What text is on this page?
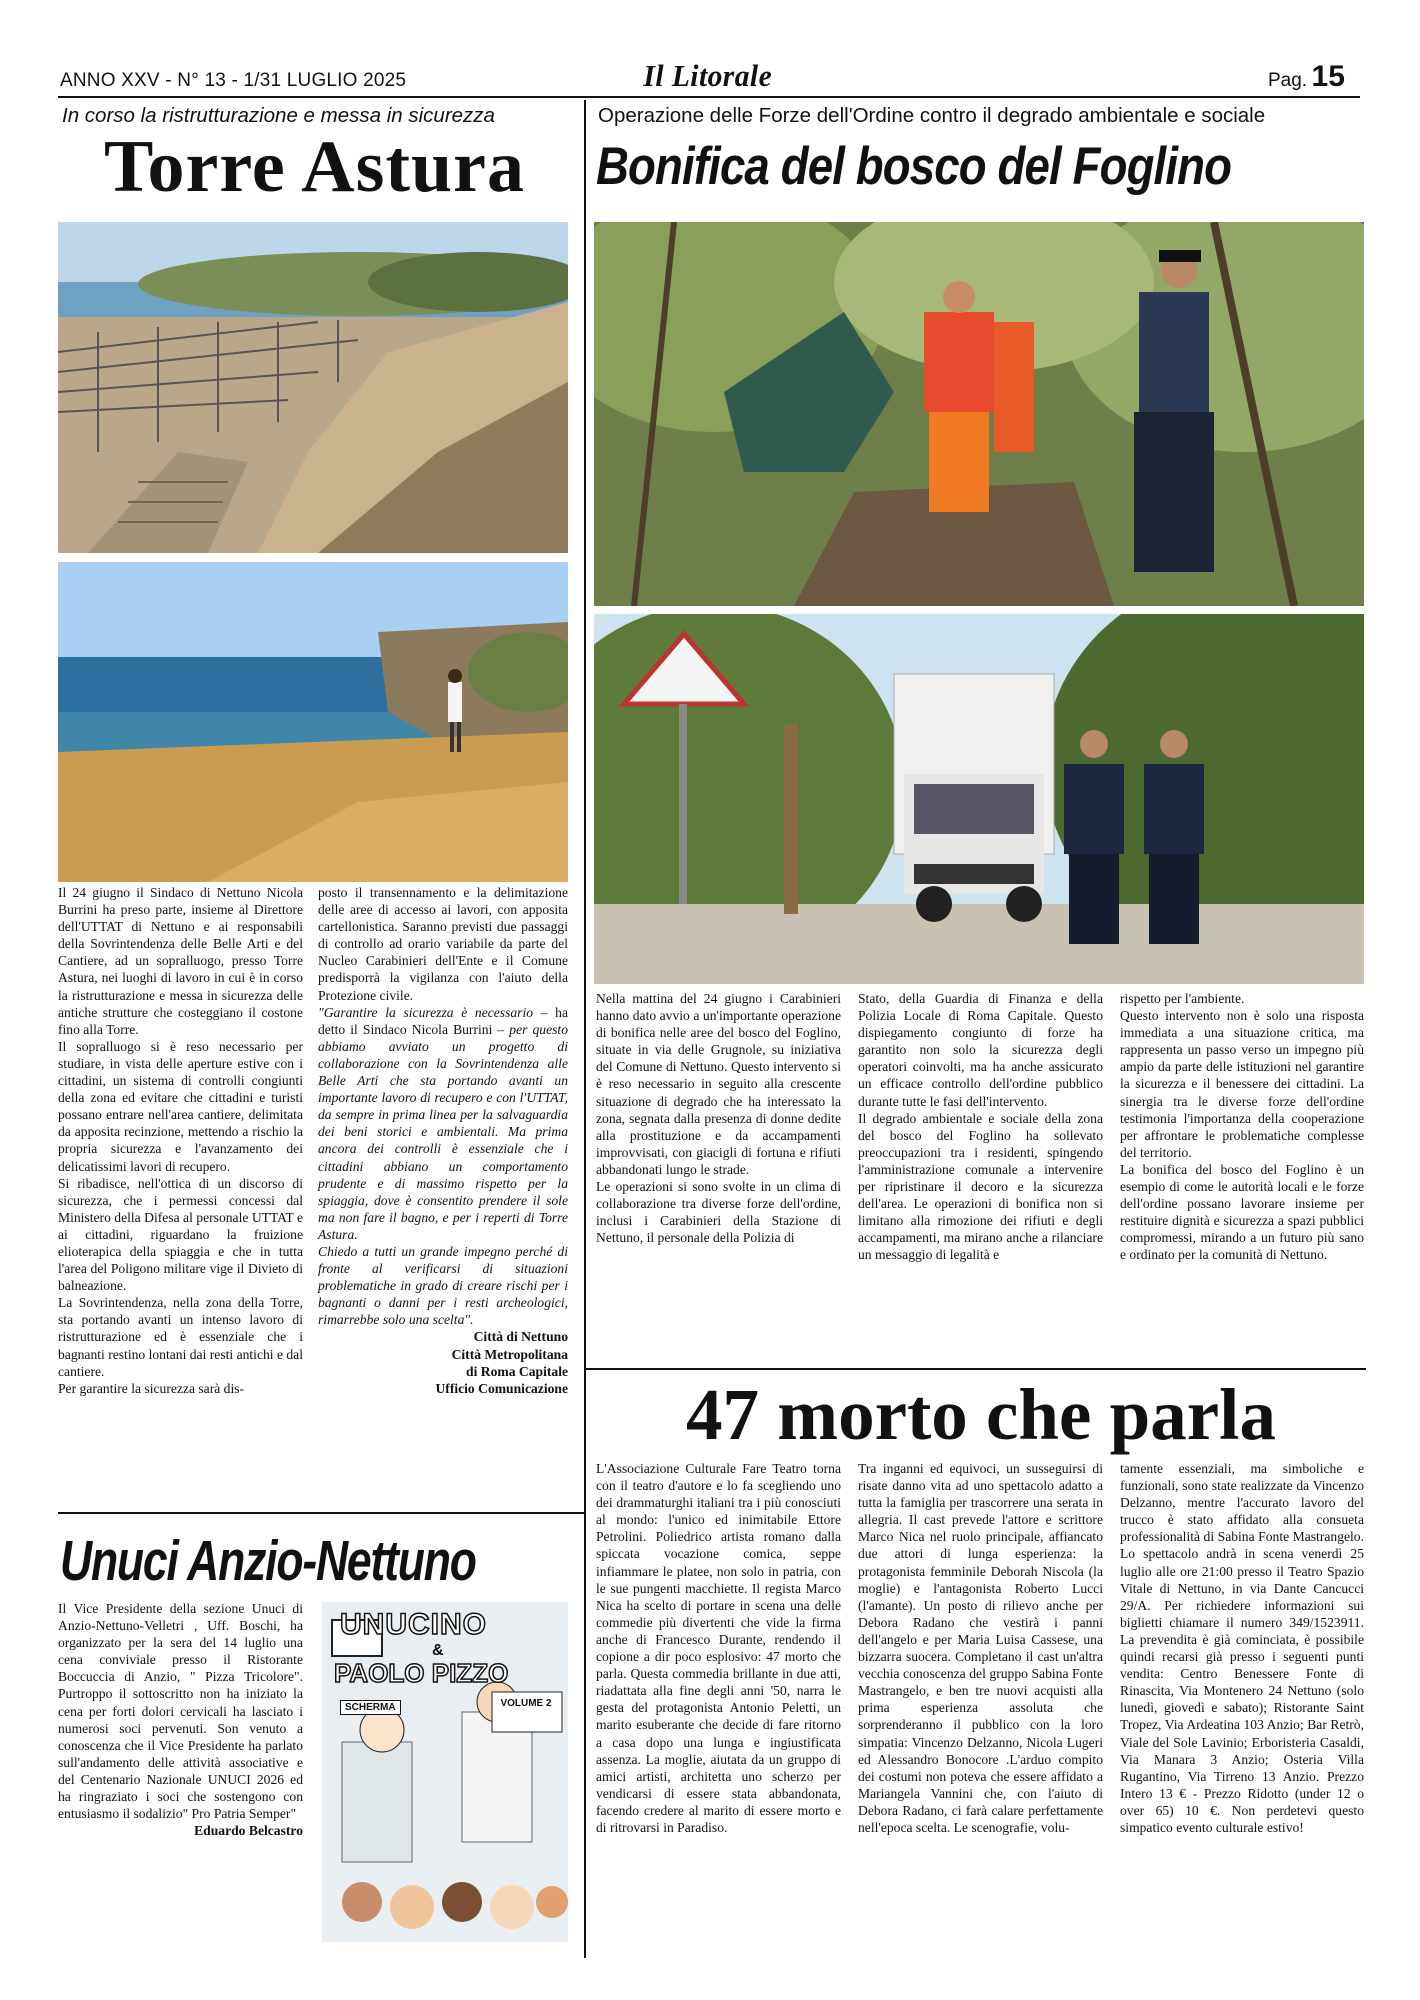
ANNO XXV - N° 13 - 1/31 LUGLIO 2025	Il Litorale	Pag. 15
In corso la ristrutturazione e messa in sicurezza
Torre Astura

Il 24 giugno il Sindaco di Nettuno Nicola Burrini ha preso parte, insieme al Direttore dell'UTTAT di Nettuno e ai responsabili della Sovrintendenza delle Belle Arti e del Cantiere, ad un sopralluogo, presso Torre Astura, nei luoghi di lavoro in cui è in corso la ristrutturazione e messa in sicurezza delle antiche strutture che costeggiano il costone fino alla Torre.

Il sopralluogo si è reso necessario per studiare, in vista delle aperture estive con i cittadini, un sistema di controlli congiunti della zona ed evitare che cittadini e turisti possano entrare nell'area cantiere, delimitata da apposita recinzione, mettendo a rischio la propria sicurezza e l'avanzamento dei delicatissimi lavori di recupero.

Si ribadisce, nell'ottica di un discorso di sicurezza, che i permessi concessi dal Ministero della Difesa al personale UTTAT e ai cittadini, riguardano la fruizione elioterapica della spiaggia e che in tutta l'area del Poligono militare vige il Divieto di balneazione.

La Sovrintendenza, nella zona della Torre, sta portando avanti un intenso lavoro di ristrutturazione ed è essenziale che i bagnanti restino lontani dai resti antichi e dal cantiere.

Per garantire la sicurezza sarà dis-

posto il transennamento e la delimitazione delle aree di accesso ai lavori, con apposita cartellonistica. Saranno previsti due passaggi di controllo ad orario variabile da parte del Nucleo Carabinieri dell'Ente e il Comune predisporrà la vigilanza con l'aiuto della Protezione civile.

"Garantire la sicurezza è necessario – ha detto il Sindaco Nicola Burrini – per questo abbiamo avviato un progetto di collaborazione con la Sovrintendenza alle Belle Arti che sta portando avanti un importante lavoro di recupero e con l'UTTAT, da sempre in prima linea per la salvaguardia dei beni storici e ambientali. Ma prima ancora dei controlli è essenziale che i cittadini abbiano un comportamento prudente e di massimo rispetto per la spiaggia, dove è consentito prendere il sole ma non fare il bagno, e per i reperti di Torre Astura.

Chiedo a tutti un grande impegno perché di fronte al verificarsi di situazioni problematiche in grado di creare rischi per i bagnanti o danni per i resti archeologici, rimarrebbe solo una scelta".

Città di Nettuno
Città Metropolitana
di Roma Capitale
Ufficio Comunicazione
Operazione delle Forze dell'Ordine contro il degrado ambientale e sociale
Bonifica del bosco del Foglino
Nella mattina del 24 giugno i Carabinieri hanno dato avvio a un'importante operazione di bonifica nelle aree del bosco del Foglino, situate in via delle Grugnole, su iniziativa del Comune di Nettuno. Questo intervento si è reso necessario in seguito alla crescente situazione di degrado che ha interessato la zona, segnata dalla presenza di donne dedite alla prostituzione e da accampamenti improvvisati, con giacigli di fortuna e rifiuti abbandonati lungo le strade.
Le operazioni si sono svolte in un clima di collaborazione tra diverse forze dell'ordine, inclusi i Carabinieri della Stazione di Nettuno, il personale della Polizia di
Stato, della Guardia di Finanza e della Polizia Locale di Roma Capitale. Questo dispiegamento congiunto di forze ha garantito non solo la sicurezza degli operatori coinvolti, ma ha anche assicurato un efficace controllo dell'ordine pubblico durante tutte le fasi dell'intervento.
Il degrado ambientale e sociale della zona del bosco del Foglino ha sollevato preoccupazioni tra i residenti, spingendo l'amministrazione comunale a intervenire per ripristinare il decoro e la sicurezza dell'area. Le operazioni di bonifica non si limitano alla rimozione dei rifiuti e degli accampamenti, ma mirano anche a rilanciare un messaggio di legalità e
rispetto per l'ambiente.
Questo intervento non è solo una risposta immediata a una situazione critica, ma rappresenta un passo verso un impegno più ampio da parte delle istituzioni nel garantire la sicurezza e il benessere dei cittadini. La sinergia tra le diverse forze dell'ordine testimonia l'importanza della cooperazione per affrontare le problematiche complesse del territorio.
La bonifica del bosco del Foglino è un esempio di come le autorità locali e le forze dell'ordine possano lavorare insieme per restituire dignità e sicurezza a spazi pubblici compromessi, mirando a un futuro più sano e ordinato per la comunità di Nettuno.
47 morto che parla
L'Associazione Culturale Fare Teatro torna con il teatro d'autore e lo fa scegliendo uno dei drammaturghi italiani tra i più conosciuti al mondo: l'unico ed inimitabile Ettore Petrolini. Poliedrico artista romano dalla spiccata vocazione comica, seppe infiammare le platee, non solo in patria, con le sue pungenti macchiette. Il regista Marco Nica ha scelto di portare in scena una delle commedie più divertenti che vide la firma anche di Francesco Durante, rendendo il copione a dir poco esplosivo: 47 morto che parla. Questa commedia brillante in due atti, riadattata alla fine degli anni '50, narra le gesta del protagonista Antonio Peletti, un marito esuberante che decide di fare ritorno a casa dopo una lunga e ingiustificata assenza. La moglie, aiutata da un gruppo di amici artisti, architetta uno scherzo per vendicarsi di essere stata abbandonata, facendo credere al marito di essere morto e di ritrovarsi in Paradiso.
Tra inganni ed equivoci, un susseguirsi di risate danno vita ad uno spettacolo adatto a tutta la famiglia per trascorrere una serata in allegria. Il cast prevede l'attore e scrittore Marco Nica nel ruolo principale, affiancato due attori di lunga esperienza: la protagonista femminile Deborah Niscola (la moglie) e l'antagonista Roberto Lucci (l'amante). Un posto di rilievo anche per Debora Radano che vestirà i panni dell'angelo e per Maria Luisa Cassese, una bizzarra suocera. Completano il cast un'altra vecchia conoscenza del gruppo Sabina Fonte Mastrangelo, e ben tre nuovi acquisti alla prima esperienza assoluta che sorprenderanno il pubblico con la loro simpatia: Vincenzo Delzanno, Nicola Lugeri ed Alessandro Bonocore .L'arduo compito dei costumi non poteva che essere affidato a Mariangela Vannini che, con l'aiuto di Debora Radano, ci farà calare perfettamente nell'epoca scelta. Le scenografie, volu-
tamente essenziali, ma simboliche e funzionali, sono state realizzate da Vincenzo Delzanno, mentre l'accurato lavoro del trucco è stato affidato alla consueta professionalità di Sabina Fonte Mastrangelo. Lo spettacolo andrà in scena venerdì 25 luglio alle ore 21:00 presso il Teatro Spazio Vitale di Nettuno, in via Dante Cancucci 29/A. Per richiedere informazioni sui biglietti chiamare il numero 349/1523911. La prevendita è già cominciata, è possibile quindi recarsi già presso i seguenti punti vendita: Centro Benessere Fonte di Rinascita, Via Montenero 24 Nettuno (solo lunedì, giovedì e sabato); Ristorante Saint Tropez, Via Ardeatina 103 Anzio; Bar Retrò, Viale del Sole Lavinio; Erboristeria Casaldi, Via Manara 3 Anzio; Osteria Villa Rugantino, Via Tirreno 13 Anzio. Prezzo Intero 13 € - Prezzo Ridotto (under 12 o over 65) 10 €. Non perdetevi questo simpatico evento culturale estivo!
Unuci Anzio-Nettuno

Il Vice Presidente della sezione Unuci di Anzio-Nettuno-Velletri , Uff. Boschi, ha organizzato per la sera del 14 luglio una cena conviviale presso il Ristorante Boccuccia di Anzio, " Pizza Tricolore". Purtroppo il sottoscritto non ha iniziato la cena per forti dolori cervicali ha lasciato i numerosi soci pervenuti. Son venuto a conoscenza che il Vice Presidente ha parlato sull'andamento delle attività associative e del Centenario Nazionale UNUCI 2026 ed ha ringraziato i soci che sostengono con entusiasmo il sodalizio" Pro Patria Semper"

Eduardo Belcastro

UNUCINO
&
PAOLO PIZZO
SCHERMA	VOLUME 2
